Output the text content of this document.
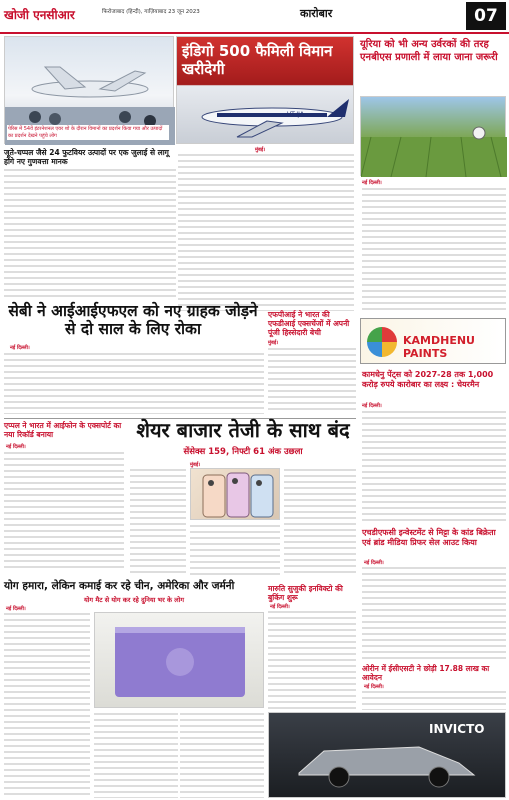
खोजी एनसीआर	फिरोजाबाद (हिन्दी), गाज़ियाबाद 23 जून 2023	कारोबार	07
पेरिस में 54वें इंटरनेशनल एयर शो के दौरान विमानों का प्रदर्शन किया गया और उत्पादों का प्रदर्शन देखने पहुंचे लोग
इंडिगो 500 फैमिली विमान खरीदेगी
VT-IJA
मुंबई।
यूरिया को भी अन्य उर्वरकों की तरह एनबीएस प्रणाली में लाया जाना जरूरी
नई दिल्ली।
जूते-चप्पल जैसे 24 फुटवियर उत्पादों पर एक जुलाई से लागू होंगे नए गुणवत्ता मानक
KAMDHENU PAINTS
कामधेनु पेंट्स को 2027-28 तक 1,000 करोड़ रुपये कारोबार का लक्ष्य : चेयरमैन
नई दिल्ली।
सेबी ने आईआईएफएल को नए ग्राहक जोड़ने से दो साल के लिए रोका
नई दिल्ली।
एफपीआई ने भारत की एफडीआई एक्सचेंजों में अपनी पूंजी हिस्सेदारी बेची
मुंबई।
एप्पल ने भारत में आईफोन के एक्सपोर्ट का नया रिकॉर्ड बनाया
नई दिल्ली।
शेयर बाजार तेजी के साथ बंद
सेंसेक्स 159, निफ्टी 61 अंक उछला
मुंबई।
योग हमारा, लेकिन कमाई कर रहे चीन, अमेरिका और जर्मनी
योग मैट से योग कर रहे दुनिया भर के लोग
नई दिल्ली।
मारुति सुजुकी इनविक्टो की बुकिंग शुरू
नई दिल्ली।
INVICTO
एचडीएफसी इन्वेस्टमेंट से मिट्टा के कांड बिक्रेता एवं ब्रांड मीडिया प्रिफर सेल आउट किया
नई दिल्ली।
ओरीन में ईसीएसटी ने छोड़ी 17.88 लाख का आवेदन
नई दिल्ली।
